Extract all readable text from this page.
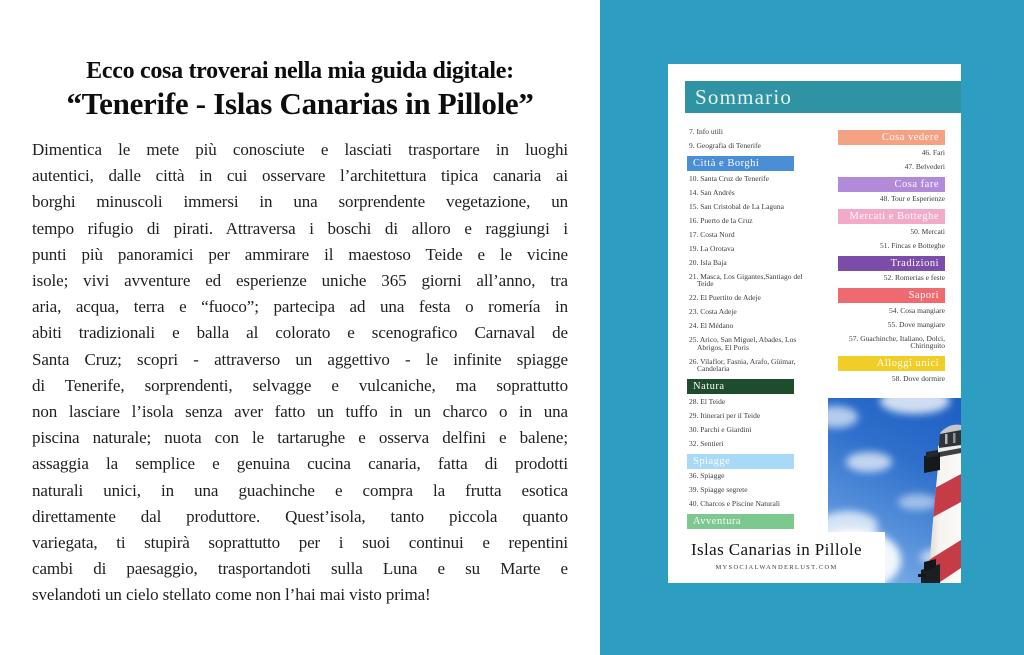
Ecco cosa troverai nella mia guida digitale:
“Tenerife - Islas Canarias in Pillole”
Dimentica le mete più conosciute e lasciati trasportare in luoghi
autentici, dalle città in cui osservare l’architettura tipica canaria ai
borghi minuscoli immersi in una sorprendente vegetazione, un
tempo rifugio di pirati. Attraversa i boschi di alloro e raggiungi i
punti più panoramici per ammirare il maestoso Teide e le vicine
isole; vivi avventure ed esperienze uniche 365 giorni all’anno, tra
aria, acqua, terra e “fuoco”; partecipa ad una festa o romería in
abiti tradizionali e balla al colorato e scenografico Carnaval de
Santa Cruz; scopri - attraverso un aggettivo - le infinite spiagge
di Tenerife, sorprendenti, selvagge e vulcaniche, ma soprattutto
non lasciare l’isola senza aver fatto un tuffo in un charco o in una
piscina naturale; nuota con le tartarughe e osserva delfini e balene;
assaggia la semplice e genuina cucina canaria, fatta di prodotti
naturali unici, in una guachinche e compra la frutta esotica
direttamente dal produttore. Quest’isola, tanto piccola quanto
variegata, ti stupirà soprattutto per i suoi continui e repentini
cambi di paesaggio, trasportandoti sulla Luna e su Marte e
svelandoti un cielo stellato come non l’hai mai visto prima!
Sommario
7. Info utili
9. Geografia di Tenerife
Città e Borghi
10. Santa Cruz de Tenerife
14. San Andrés
15. San Cristobal de La Laguna
16. Puerto de la Cruz
17. Costa Nord
19. La Orotava
20. Isla Baja
21. Masca, Los Gigantes,Santiago del Teide
22. El Puertito de Adeje
23. Costa Adeje
24. El Médano
25. Arico, San Miguel, Abades, Los Abrigos, El Poris
26. Vilaflor, Fasnia, Arafo, Güimar, Candelaria
Natura
28. El Teide
29. Itinerari per il Teide
30. Parchi e Giardini
32. Sentieri
Spiagge
36. Spiagge
39. Spiagge segrete
40. Charcos e Piscine Naturali
Avventura
Cosa vedere
46. Fari
47. Belvederi
Cosa fare
48. Tour e Esperienze
Mercati e Botteghe
50. Mercati
51. Fincas e Botteghe
Tradizioni
52. Romerias e feste
Sapori
54. Cosa mangiare
55. Dove mangiare
57. Guachinche, Italiano, Dolci, Chiringuito
Alloggi unici
58. Dove dormire
Islas Canarias in Pillole
MYSOCIALWANDERLUST.COM
